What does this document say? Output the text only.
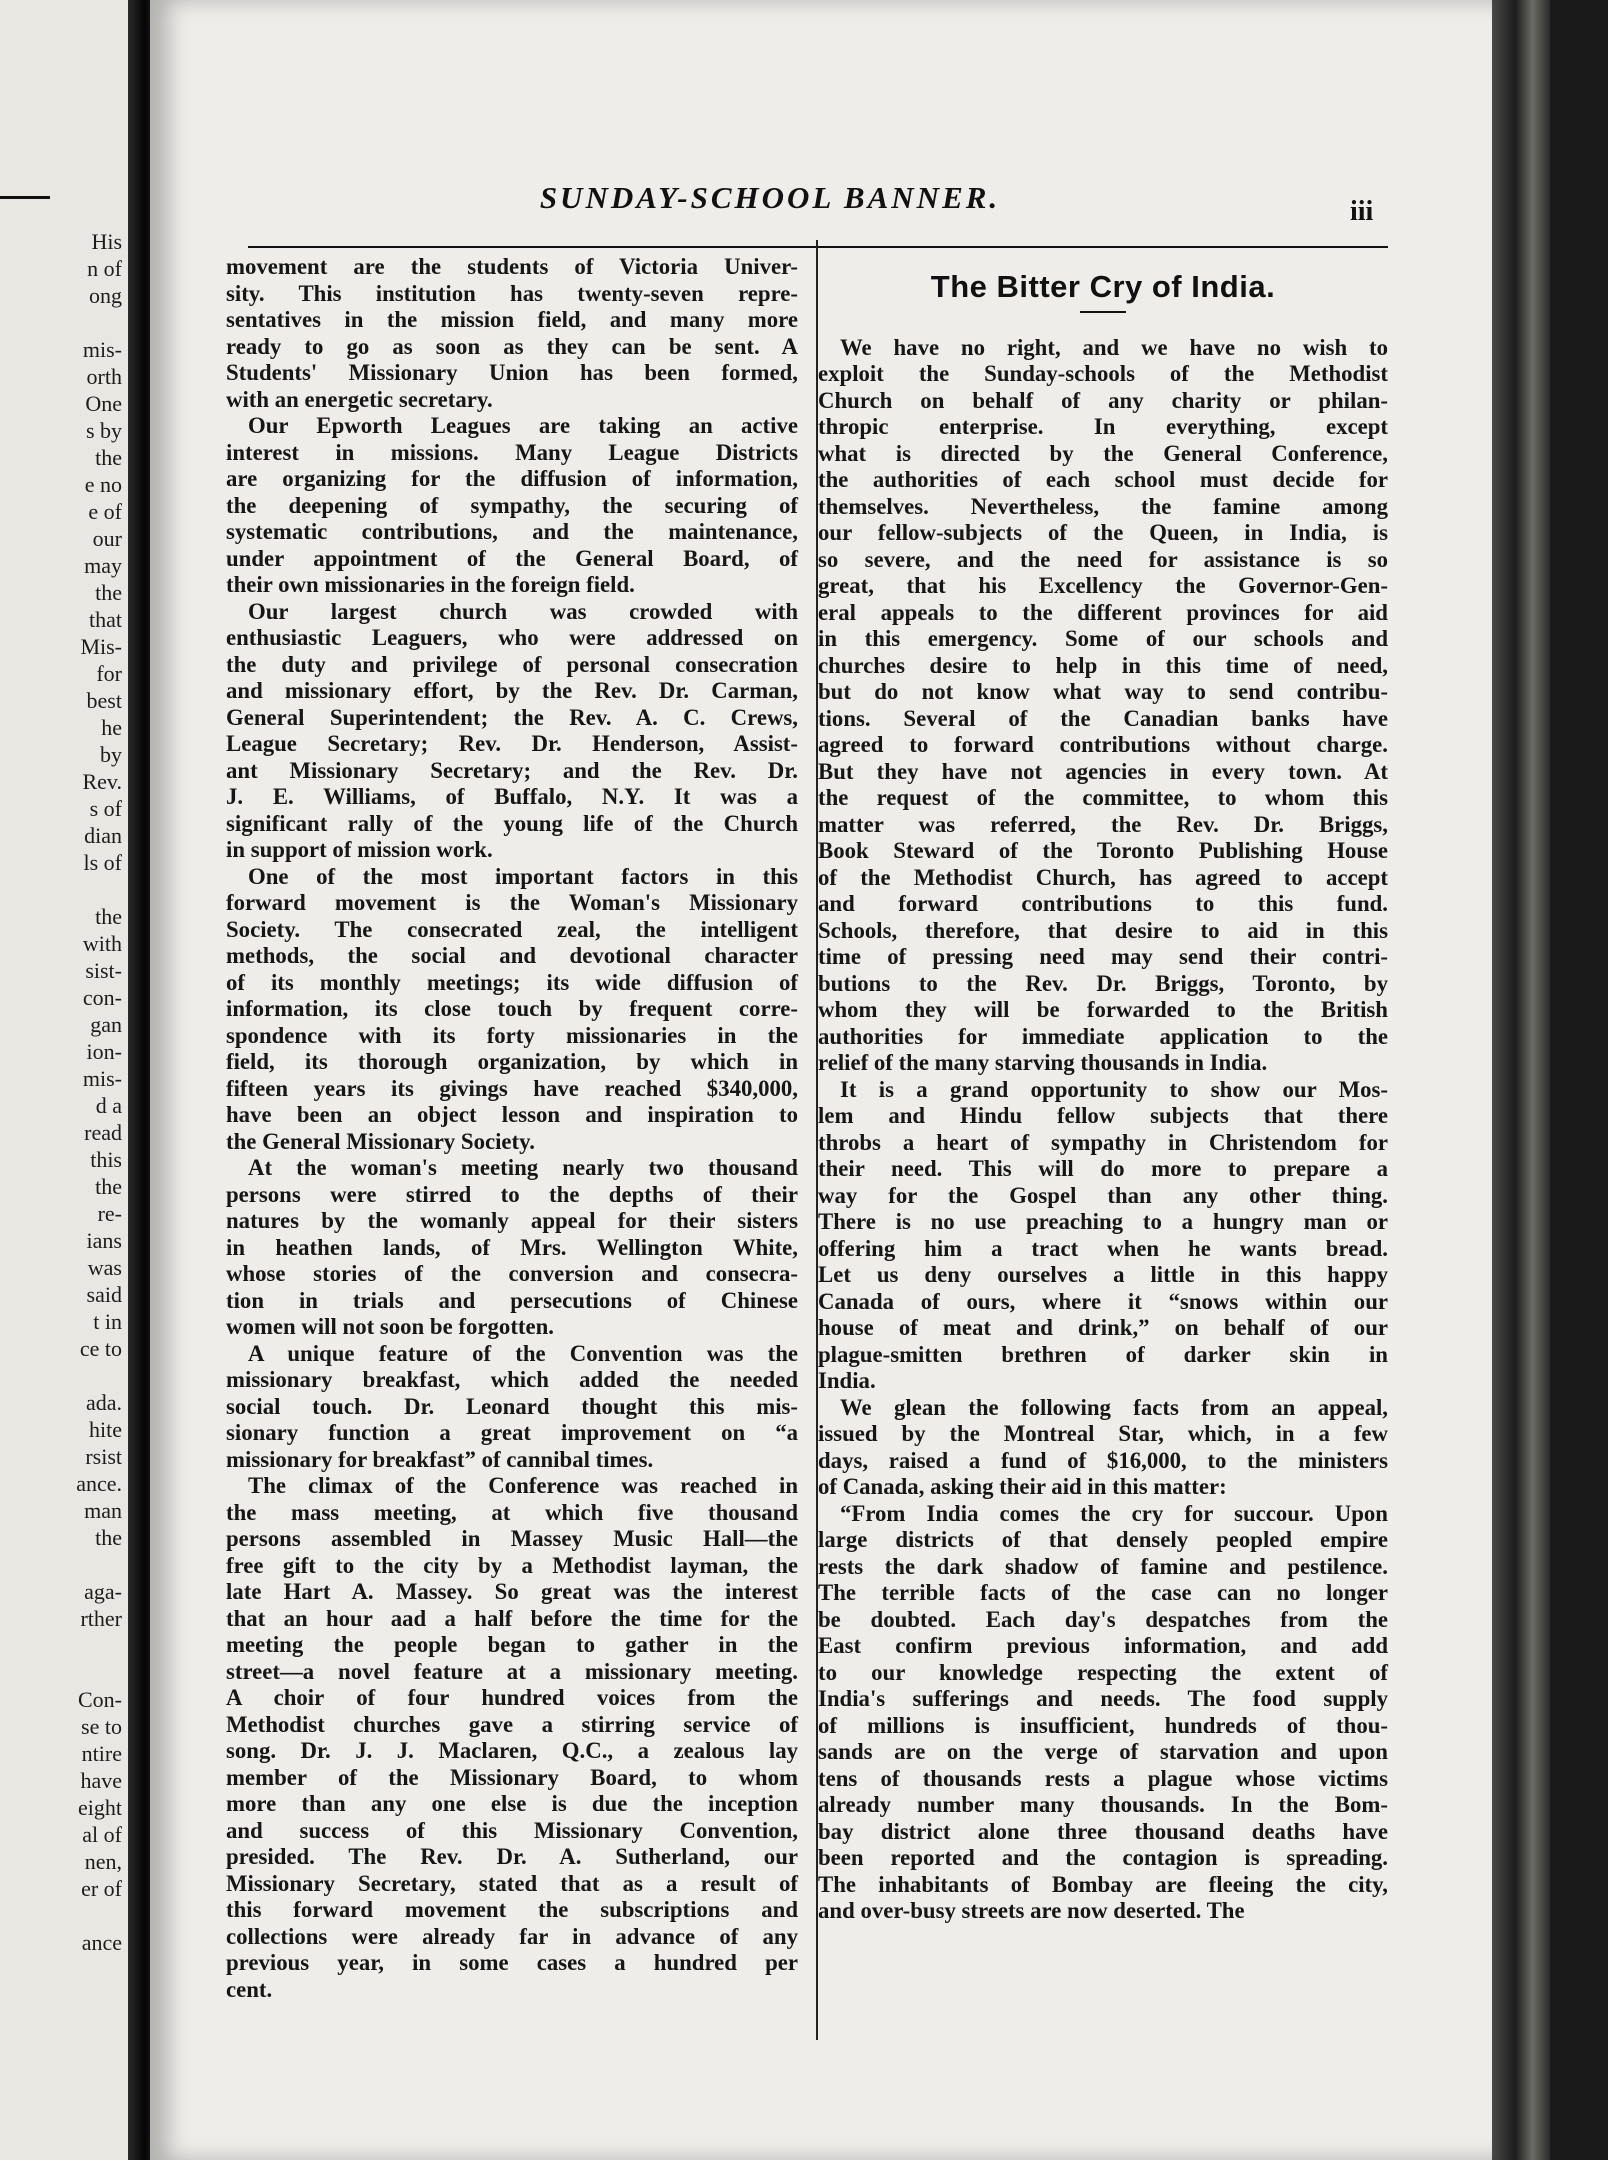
His
n of
ong

mis-
orth
One
s by
the
e no
e of
our
may
the
that
Mis-
for
best
he
by
Rev.
s of
dian
ls of

the
with
sist-
con-
gan
ion-
mis-
d a
read
this
the
re-
ians
was
said
t in
ce to

ada.
hite
rsist
ance.
man
the

aga-
rther

Con-
se to
ntire
have
eight
al of
nen,
er of

ance
SUNDAY-SCHOOL BANNER.	iii
movement are the students of Victoria Univer-
sity. This institution has twenty-seven repre-
sentatives in the mission field, and many more
ready to go as soon as they can be sent. A
Students' Missionary Union has been formed,
with an energetic secretary.
Our Epworth Leagues are taking an active
interest in missions. Many League Districts
are organizing for the diffusion of information,
the deepening of sympathy, the securing of
systematic contributions, and the maintenance,
under appointment of the General Board, of
their own missionaries in the foreign field.
Our largest church was crowded with
enthusiastic Leaguers, who were addressed on
the duty and privilege of personal consecration
and missionary effort, by the Rev. Dr. Carman,
General Superintendent; the Rev. A. C. Crews,
League Secretary; Rev. Dr. Henderson, Assist-
ant Missionary Secretary; and the Rev. Dr.
J. E. Williams, of Buffalo, N.Y. It was a
significant rally of the young life of the Church
in support of mission work.
One of the most important factors in this
forward movement is the Woman's Missionary
Society. The consecrated zeal, the intelligent
methods, the social and devotional character
of its monthly meetings; its wide diffusion of
information, its close touch by frequent corre-
spondence with its forty missionaries in the
field, its thorough organization, by which in
fifteen years its givings have reached $340,000,
have been an object lesson and inspiration to
the General Missionary Society.
At the woman's meeting nearly two thousand
persons were stirred to the depths of their
natures by the womanly appeal for their sisters
in heathen lands, of Mrs. Wellington White,
whose stories of the conversion and consecra-
tion in trials and persecutions of Chinese
women will not soon be forgotten.
A unique feature of the Convention was the
missionary breakfast, which added the needed
social touch. Dr. Leonard thought this mis-
sionary function a great improvement on “a
missionary for breakfast” of cannibal times.
The climax of the Conference was reached in
the mass meeting, at which five thousand
persons assembled in Massey Music Hall—the
free gift to the city by a Methodist layman, the
late Hart A. Massey. So great was the interest
that an hour aad a half before the time for the
meeting the people began to gather in the
street—a novel feature at a missionary meeting.
A choir of four hundred voices from the
Methodist churches gave a stirring service of
song. Dr. J. J. Maclaren, Q.C., a zealous lay
member of the Missionary Board, to whom
more than any one else is due the inception
and success of this Missionary Convention,
presided. The Rev. Dr. A. Sutherland, our
Missionary Secretary, stated that as a result of
this forward movement the subscriptions and
collections were already far in advance of any
previous year, in some cases a hundred per
cent.
The Bitter Cry of India.
We have no right, and we have no wish to
exploit the Sunday-schools of the Methodist
Church on behalf of any charity or philan-
thropic enterprise. In everything, except
what is directed by the General Conference,
the authorities of each school must decide for
themselves. Nevertheless, the famine among
our fellow-subjects of the Queen, in India, is
so severe, and the need for assistance is so
great, that his Excellency the Governor-Gen-
eral appeals to the different provinces for aid
in this emergency. Some of our schools and
churches desire to help in this time of need,
but do not know what way to send contribu-
tions. Several of the Canadian banks have
agreed to forward contributions without charge.
But they have not agencies in every town. At
the request of the committee, to whom this
matter was referred, the Rev. Dr. Briggs,
Book Steward of the Toronto Publishing House
of the Methodist Church, has agreed to accept
and forward contributions to this fund.
Schools, therefore, that desire to aid in this
time of pressing need may send their contri-
butions to the Rev. Dr. Briggs, Toronto, by
whom they will be forwarded to the British
authorities for immediate application to the
relief of the many starving thousands in India.
It is a grand opportunity to show our Mos-
lem and Hindu fellow subjects that there
throbs a heart of sympathy in Christendom for
their need. This will do more to prepare a
way for the Gospel than any other thing.
There is no use preaching to a hungry man or
offering him a tract when he wants bread.
Let us deny ourselves a little in this happy
Canada of ours, where it “snows within our
house of meat and drink,” on behalf of our
plague-smitten brethren of darker skin in
India.
We glean the following facts from an appeal,
issued by the Montreal Star, which, in a few
days, raised a fund of $16,000, to the ministers
of Canada, asking their aid in this matter:
“From India comes the cry for succour. Upon
large districts of that densely peopled empire
rests the dark shadow of famine and pestilence.
The terrible facts of the case can no longer
be doubted. Each day's despatches from the
East confirm previous information, and add
to our knowledge respecting the extent of
India's sufferings and needs. The food supply
of millions is insufficient, hundreds of thou-
sands are on the verge of starvation and upon
tens of thousands rests a plague whose victims
already number many thousands. In the Bom-
bay district alone three thousand deaths have
been reported and the contagion is spreading.
The inhabitants of Bombay are fleeing the city,
and over-busy streets are now deserted. The
